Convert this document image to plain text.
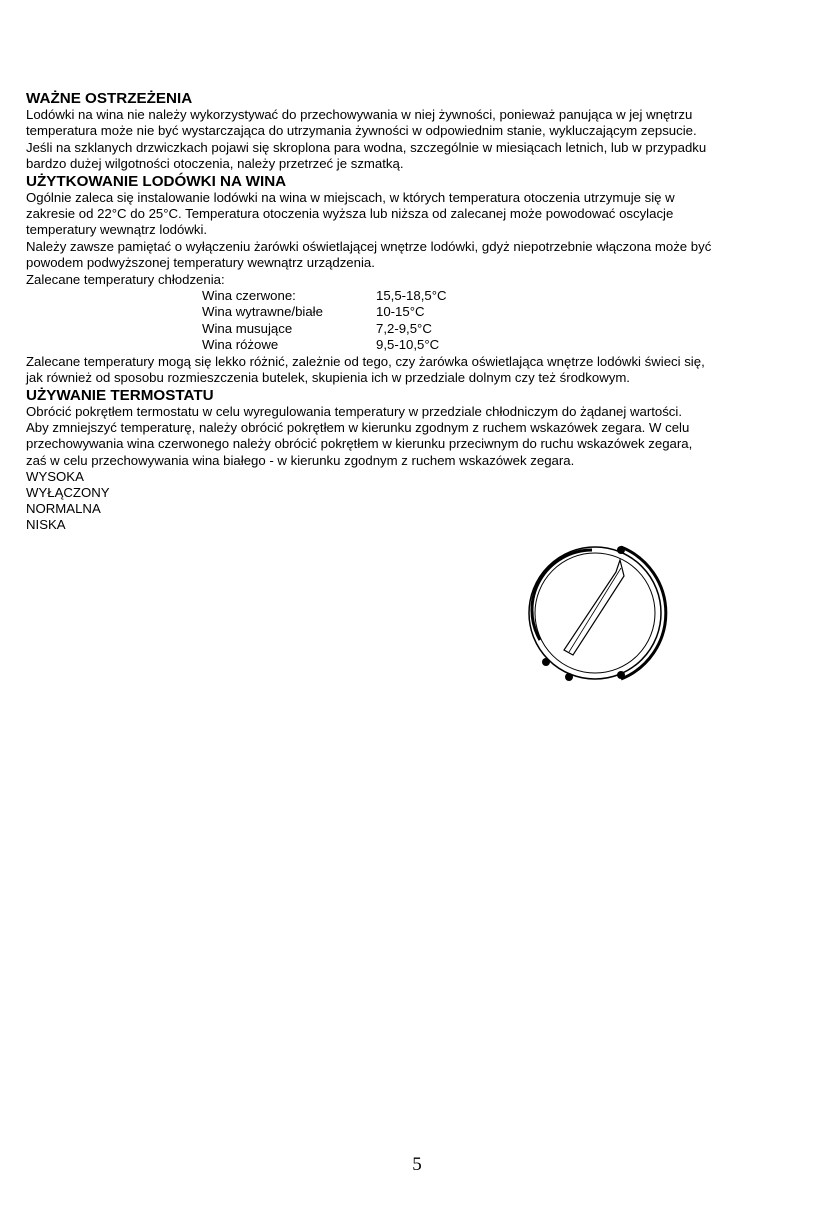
WAŻNE OSTRZEŻENIA

Lodówki na wina nie należy wykorzystywać do przechowywania w niej żywności, ponieważ panująca w jej wnętrzu

temperatura może nie być wystarczająca do utrzymania żywności w odpowiednim stanie, wykluczającym zepsucie.

Jeśli na szklanych drzwiczkach pojawi się skroplona para wodna, szczególnie w miesiącach letnich, lub w przypadku

bardzo dużej wilgotności otoczenia, należy przetrzeć je szmatką.

UŻYTKOWANIE LODÓWKI NA WINA

Ogólnie zaleca się instalowanie lodówki na wina w miejscach, w których temperatura otoczenia utrzymuje się w

zakresie od 22°C do 25°C. Temperatura otoczenia wyższa lub niższa od zalecanej może powodować oscylacje

temperatury wewnątrz lodówki.

Należy zawsze pamiętać o wyłączeniu żarówki oświetlającej wnętrze lodówki, gdyż niepotrzebnie włączona może być

powodem podwyższonej temperatury wewnątrz urządzenia.

Zalecane temperatury chłodzenia:

Wina czerwone:	15,5-18,5°C
Wina wytrawne/białe	10-15°C
Wina musujące	7,2-9,5°C
Wina różowe	9,5-10,5°C

Zalecane temperatury mogą się lekko różnić, zależnie od tego, czy żarówka oświetlająca wnętrze lodówki świeci się,

jak również od sposobu rozmieszczenia butelek, skupienia ich w przedziale dolnym czy też środkowym.

UŻYWANIE TERMOSTATU

Obrócić pokrętłem termostatu w celu wyregulowania temperatury w przedziale chłodniczym do żądanej wartości.

Aby zmniejszyć temperaturę, należy obrócić pokrętłem w kierunku zgodnym z ruchem wskazówek zegara. W celu

przechowywania wina czerwonego należy obrócić pokrętłem w kierunku przeciwnym do ruchu wskazówek zegara,

zaś w celu przechowywania wina białego - w kierunku zgodnym z ruchem wskazówek zegara.

WYSOKA
WYŁĄCZONY
NORMALNA
NISKA
5
